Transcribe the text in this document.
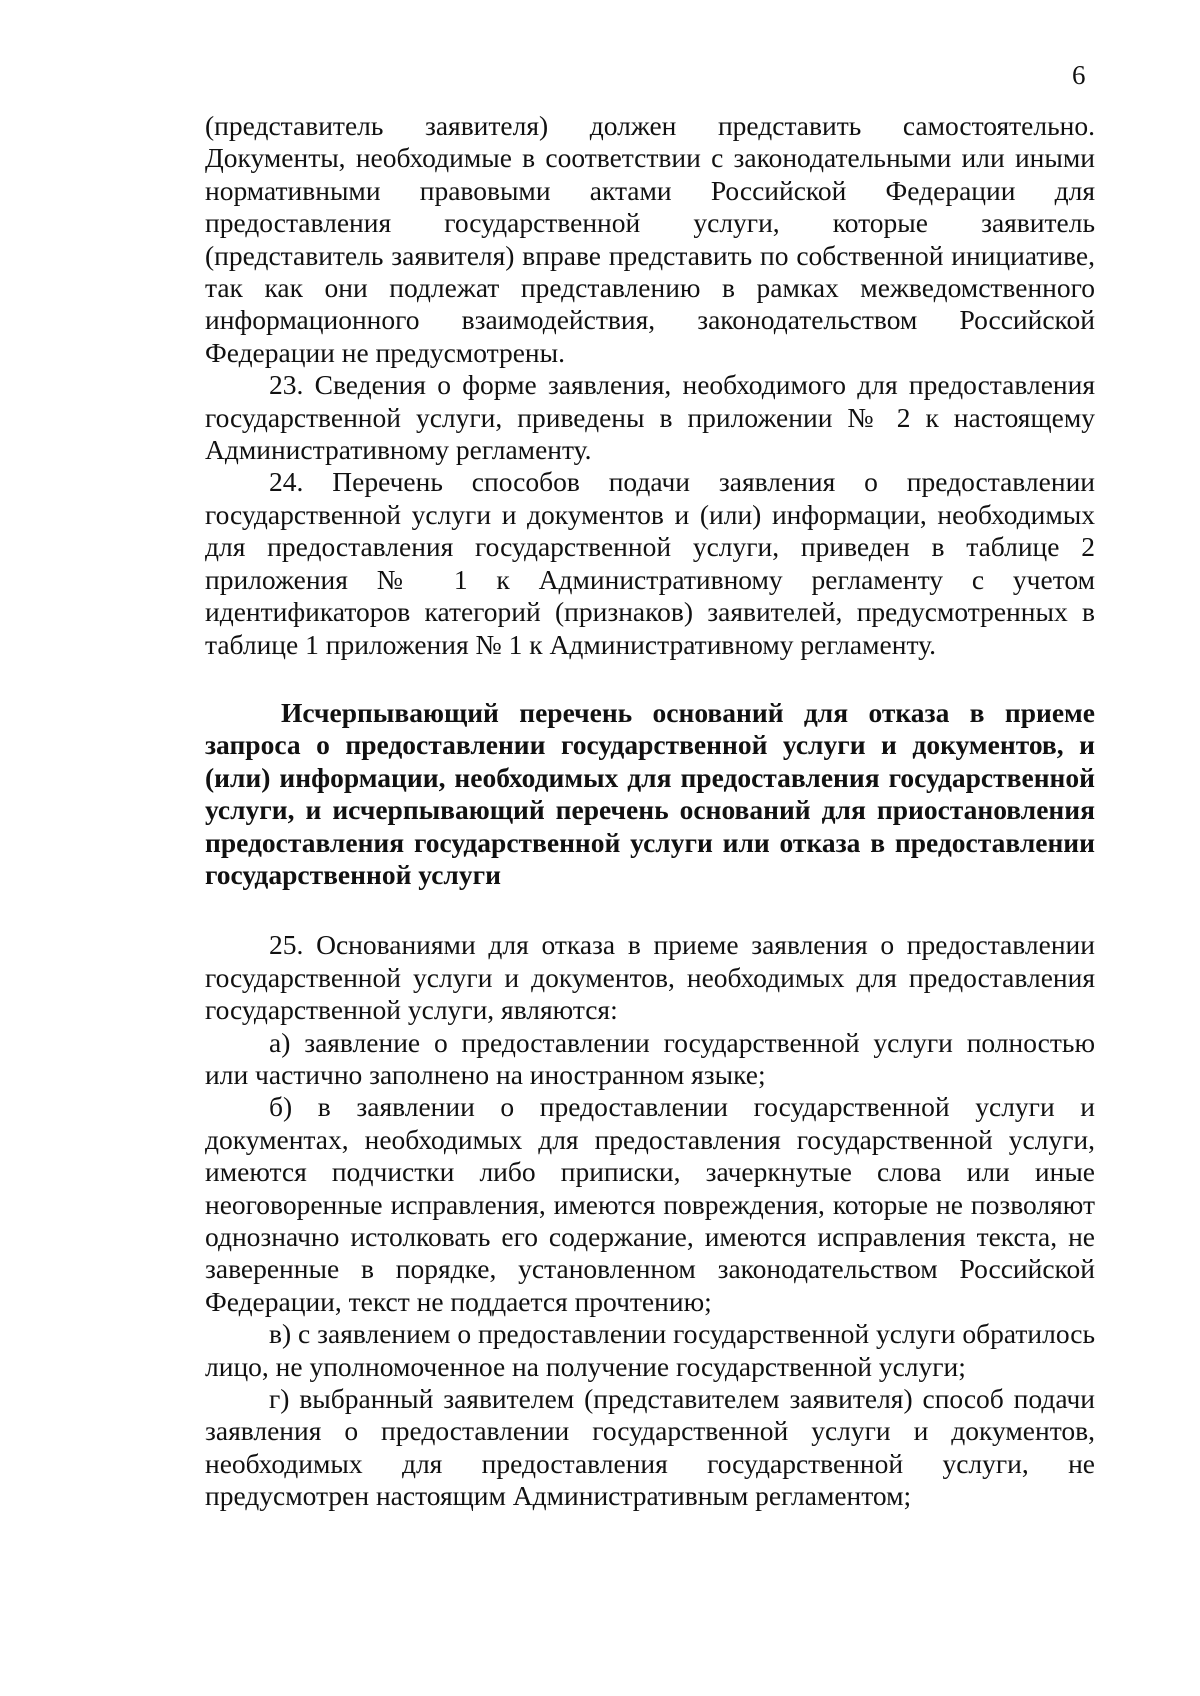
6

(представитель заявителя) должен представить самостоятельно. Документы, необходимые в соответствии с законодательными или иными нормативными правовыми актами Российской Федерации для предоставления государственной услуги, которые заявитель (представитель заявителя) вправе представить по собственной инициативе, так как они подлежат представлению в рамках межведомственного информационного взаимодействия, законодательством Российской Федерации не предусмотрены.

23. Сведения о форме заявления, необходимого для предоставления государственной услуги, приведены в приложении № 2 к настоящему Административному регламенту.

24. Перечень способов подачи заявления о предоставлении государственной услуги и документов и (или) информации, необходимых для предоставления государственной услуги, приведен в таблице 2 приложения № 1 к Административному регламенту с учетом идентификаторов категорий (признаков) заявителей, предусмотренных в таблице 1 приложения № 1 к Административному регламенту.

Исчерпывающий перечень оснований для отказа в приеме запроса о предоставлении государственной услуги и документов, и (или) информации, необходимых для предоставления государственной услуги, и исчерпывающий перечень оснований для приостановления предоставления государственной услуги или отказа в предоставлении государственной услуги

25. Основаниями для отказа в приеме заявления о предоставлении государственной услуги и документов, необходимых для предоставления государственной услуги, являются:

а) заявление о предоставлении государственной услуги полностью или частично заполнено на иностранном языке;

б) в заявлении о предоставлении государственной услуги и документах, необходимых для предоставления государственной услуги, имеются подчистки либо приписки, зачеркнутые слова или иные неоговоренные исправления, имеются повреждения, которые не позволяют однозначно истолковать его содержание, имеются исправления текста, не заверенные в порядке, установленном законодательством Российской Федерации, текст не поддается прочтению;

в) с заявлением о предоставлении государственной услуги обратилось лицо, не уполномоченное на получение государственной услуги;

г) выбранный заявителем (представителем заявителя) способ подачи заявления о предоставлении государственной услуги и документов, необходимых для предоставления государственной услуги, не предусмотрен настоящим Административным регламентом;
